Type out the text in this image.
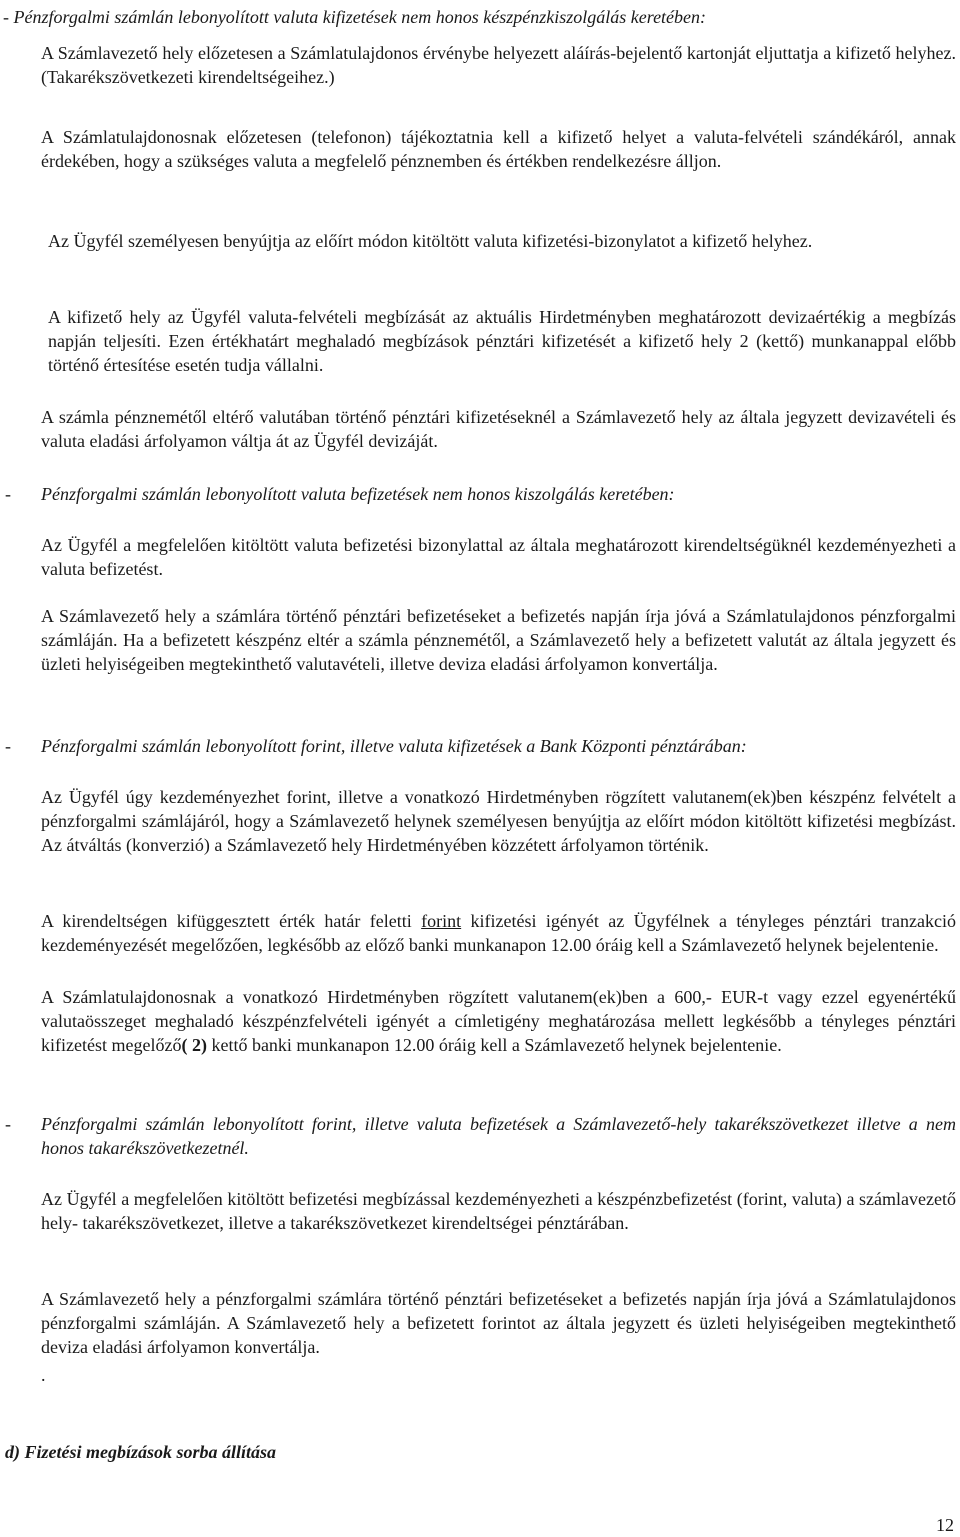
- Pénzforgalmi számlán lebonyolított valuta kifizetések nem honos készpénzkiszolgálás keretében:

A Számlavezető hely előzetesen a Számlatulajdonos érvénybe helyezett aláírás-bejelentő kartonját eljuttatja a kifizető helyhez. (Takarékszövetkezeti kirendeltségeihez.)

A Számlatulajdonosnak előzetesen (telefonon) tájékoztatnia kell a kifizető helyet a valuta-felvételi szándékáról, annak érdekében, hogy a szükséges valuta a megfelelő pénznemben és értékben rendelkezésre álljon.

Az Ügyfél személyesen benyújtja az előírt módon kitöltött valuta kifizetési-bizonylatot a kifizető helyhez.

A kifizető hely az Ügyfél valuta-felvételi megbízását az aktuális Hirdetményben meghatározott devizaértékig a megbízás napján teljesíti. Ezen értékhatárt meghaladó megbízások pénztári kifizetését a kifizető hely 2 (kettő) munkanappal előbb történő értesítése esetén tudja vállalni.

A számla pénznemétől eltérő valutában történő pénztári kifizetéseknél a Számlavezető hely az általa jegyzett devizavételi és valuta eladási árfolyamon váltja át az Ügyfél devizáját.

- Pénzforgalmi számlán lebonyolított valuta befizetések nem honos kiszolgálás keretében:

Az Ügyfél a megfelelően kitöltött valuta befizetési bizonylattal az általa meghatározott kirendeltségüknél kezdeményezheti a valuta befizetést.

A Számlavezető hely a számlára történő pénztári befizetéseket a befizetés napján írja jóvá a Számlatulajdonos pénzforgalmi számláján. Ha a befizetett készpénz eltér a számla pénznemétől, a Számlavezető hely a befizetett valutát az általa jegyzett és üzleti helyiségeiben megtekinthető valutavételi, illetve deviza eladási árfolyamon konvertálja.

- Pénzforgalmi számlán lebonyolított forint, illetve valuta kifizetések a Bank Központi pénztárában:

Az Ügyfél úgy kezdeményezhet forint, illetve a vonatkozó Hirdetményben rögzített valutanem(ek)ben készpénz felvételt a pénzforgalmi számlájáról, hogy a Számlavezető helynek személyesen benyújtja az előírt módon kitöltött kifizetési megbízást. Az átváltás (konverzió) a Számlavezető hely Hirdetményében közzétett árfolyamon történik.

A kirendeltségen kifüggesztett érték határ feletti forint kifizetési igényét az Ügyfélnek a tényleges pénztári tranzakció kezdeményezését megelőzően, legkésőbb az előző banki munkanapon 12.00 óráig kell a Számlavezető helynek bejelentenie.

A Számlatulajdonosnak a vonatkozó Hirdetményben rögzített valutanem(ek)ben a 600,- EUR-t vagy ezzel egyenértékű valutaösszeget meghaladó készpénzfelvételi igényét a címletigény meghatározása mellett legkésőbb a tényleges pénztári kifizetést megelőző( 2) kettő banki munkanapon 12.00 óráig kell a Számlavezető helynek bejelentenie.

- Pénzforgalmi számlán lebonyolított forint, illetve valuta befizetések a Számlavezető-hely takarékszövetkezet illetve a nem honos takarékszövetkezetnél.

Az Ügyfél a megfelelően kitöltött befizetési megbízással kezdeményezheti a készpénzbefizetést (forint, valuta) a számlavezető hely- takarékszövetkezet, illetve a takarékszövetkezet kirendeltségei pénztárában.

A Számlavezető hely a pénzforgalmi számlára történő pénztári befizetéseket a befizetés napján írja jóvá a Számlatulajdonos pénzforgalmi számláján. A Számlavezető hely a befizetett forintot az általa jegyzett és üzleti helyiségeiben megtekinthető deviza eladási árfolyamon konvertálja.

.
d) Fizetési megbízások sorba állítása
12
